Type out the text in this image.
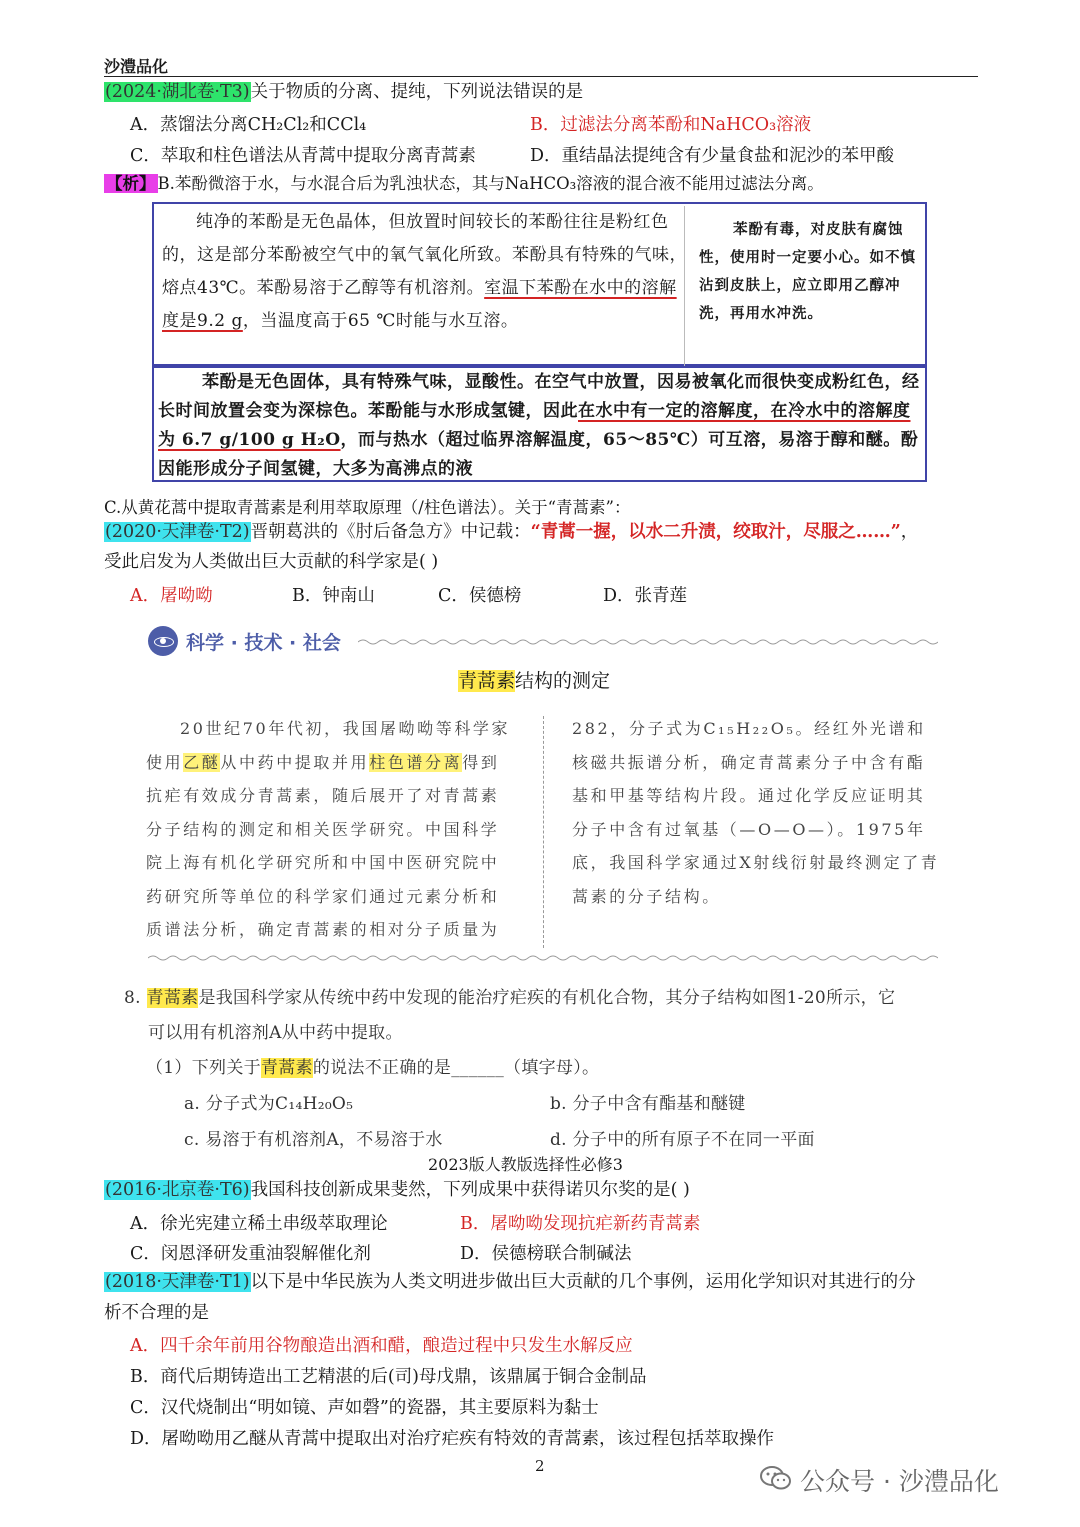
沙澧品化
(2024·湖北卷·T3)关于物质的分离、提纯，下列说法错误的是
A．蒸馏法分离CH₂Cl₂和CCl₄	B．过滤法分离苯酚和NaHCO₃溶液
C．萃取和柱色谱法从青蒿中提取分离青蒿素	D．重结晶法提纯含有少量食盐和泥沙的苯甲酸
【析】 B.苯酚微溶于水，与水混合后为乳浊状态，其与NaHCO₃溶液的混合液不能用过滤法分离。
纯净的苯酚是无色晶体，但放置时间较长的苯酚往往是粉红色的，这是部分苯酚被空气中的氧气氧化所致。苯酚具有特殊的气味，熔点43℃。苯酚易溶于乙醇等有机溶剂。室温下苯酚在水中的溶解度是9.2 g，当温度高于65 ℃时能与水互溶。
苯酚有毒，对皮肤有腐蚀性，使用时一定要小心。如不慎沾到皮肤上，应立即用乙醇冲洗，再用水冲洗。
苯酚是无色固体，具有特殊气味，显酸性。在空气中放置，因易被氧化而很快变成粉红色，经长时间放置会变为深棕色。苯酚能与水形成氢键，因此在水中有一定的溶解度，在冷水中的溶解度为 6.7 g/100 g H₂O，而与热水（超过临界溶解温度，65～85℃）可互溶，易溶于醇和醚。酚因能形成分子间氢键，大多为高沸点的液
C.从黄花蒿中提取青蒿素是利用萃取原理（/柱色谱法）。关于“青蒿素”：
(2020·天津卷·T2)晋朝葛洪的《肘后备急方》中记载：“青蒿一握，以水二升渍，绞取汁，尽服之……”，
受此启发为人类做出巨大贡献的科学家是( )
A．屠呦呦	B．钟南山	C．侯德榜	D．张青莲
科学 · 技术 · 社会
青蒿素结构的测定
20世纪70年代初，我国屠呦呦等科学家使用乙醚从中药中提取并用柱色谱分离得到抗疟有效成分青蒿素，随后展开了对青蒿素分子结构的测定和相关医学研究。中国科学院上海有机化学研究所和中国中医研究院中药研究所等单位的科学家们通过元素分析和质谱法分析，确定青蒿素的相对分子质量为
282，分子式为C₁₅H₂₂O₅。经红外光谱和核磁共振谱分析，确定青蒿素分子中含有酯基和甲基等结构片段。通过化学反应证明其分子中含有过氧基（—O—O—）。1975年底，我国科学家通过X射线衍射最终测定了青蒿素的分子结构。
8. 青蒿素是我国科学家从传统中药中发现的能治疗疟疾的有机化合物，其分子结构如图1-20所示，它
可以用有机溶剂A从中药中提取。
（1）下列关于青蒿素的说法不正确的是______（填字母）。
a. 分子式为C₁₄H₂₀O₅	b. 分子中含有酯基和醚键
c. 易溶于有机溶剂A，不易溶于水	d. 分子中的所有原子不在同一平面
2023版人教版选择性必修3
(2016·北京卷·T6)我国科技创新成果斐然，下列成果中获得诺贝尔奖的是( )
A．徐光宪建立稀土串级萃取理论	B．屠呦呦发现抗疟新药青蒿素
C．闵恩泽研发重油裂解催化剂	D．侯德榜联合制碱法
(2018·天津卷·T1)以下是中华民族为人类文明进步做出巨大贡献的几个事例，运用化学知识对其进行的分
析不合理的是
A．四千余年前用谷物酿造出酒和醋，酿造过程中只发生水解反应
B．商代后期铸造出工艺精湛的后(司)母戊鼎，该鼎属于铜合金制品
C．汉代烧制出“明如镜、声如磬”的瓷器，其主要原料为黏士
D．屠呦呦用乙醚从青蒿中提取出对治疗疟疾有特效的青蒿素，该过程包括萃取操作
2
公众号 · 沙澧品化
